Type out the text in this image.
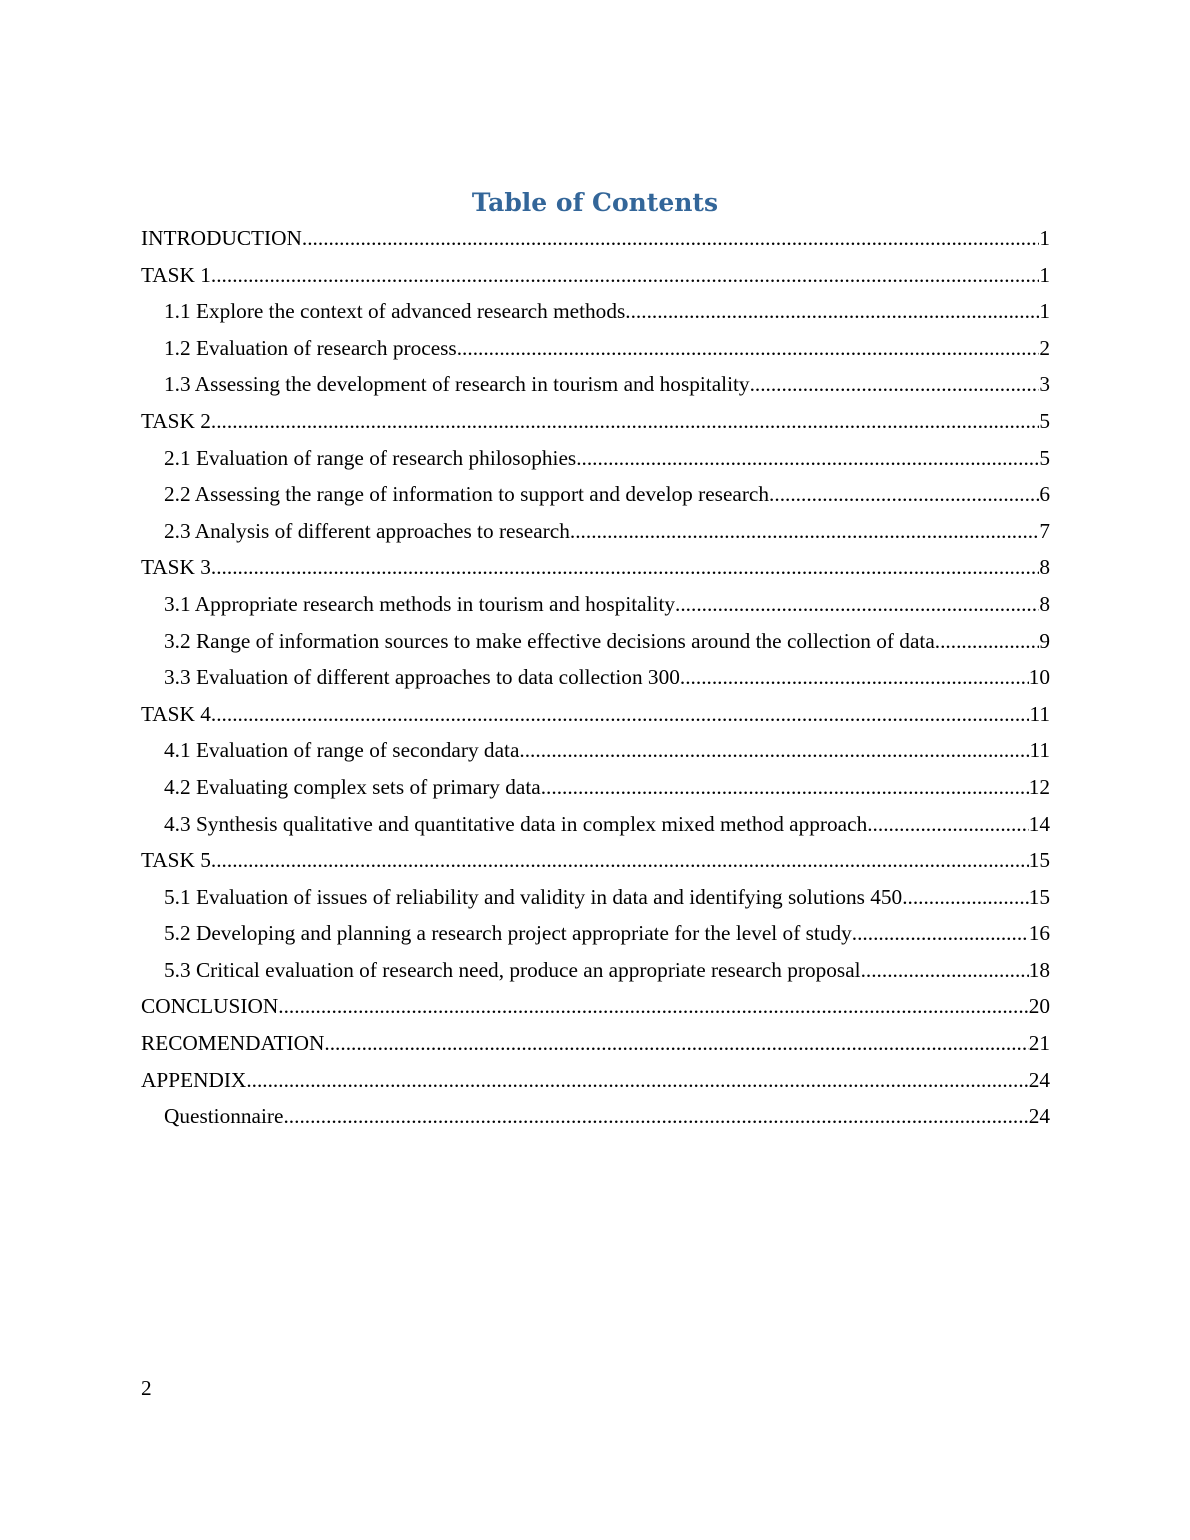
Table of Contents
INTRODUCTION .....	1
TASK 1 .....	1
1.1 Explore the context of advanced research methods .....	1
1.2 Evaluation of research process .....	2
1.3 Assessing the development of research in tourism and hospitality .....	3
TASK 2 .....	5
2.1 Evaluation of range of research philosophies .....	5
2.2 Assessing the range of information to support and develop research .....	6
2.3 Analysis of different approaches to research .....	7
TASK 3 .....	8
3.1 Appropriate research methods in tourism and hospitality .....	8
3.2 Range of information sources to make effective decisions around the collection of data .....	9
3.3 Evaluation of different approaches to data collection 300 .....	10
TASK 4 .....	11
4.1 Evaluation of range of secondary data .....	11
4.2 Evaluating complex sets of primary data .....	12
4.3 Synthesis qualitative and quantitative data in complex mixed method approach .....	14
TASK 5 .....	15
5.1 Evaluation of issues of reliability and validity in data and identifying solutions 450 .....	15
5.2 Developing and planning a research project appropriate for the level of study .....	16
5.3 Critical evaluation of research need, produce an appropriate research proposal .....	18
CONCLUSION .....	20
RECOMENDATION .....	21
APPENDIX .....	24
Questionnaire .....	24
2
